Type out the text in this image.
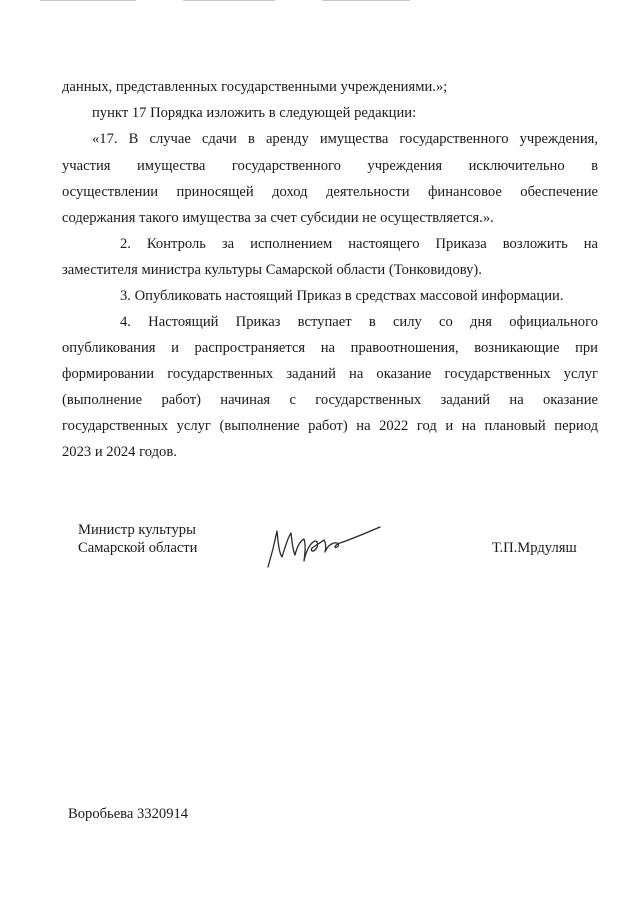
данных, представленных государственными учреждениями.»;
пункт 17 Порядка изложить в следующей редакции:
«17. В случае сдачи в аренду имущества государственного учреждения,
участия имущества государственного учреждения исключительно в
осуществлении приносящей доход деятельности финансовое обеспечение
содержания такого имущества за счет субсидии не осуществляется.».
2. Контроль за исполнением настоящего Приказа возложить на
заместителя министра культуры Самарской области (Тонковидову).
3. Опубликовать настоящий Приказ в средствах массовой информации.
4. Настоящий Приказ вступает в силу со дня официального
опубликования и распространяется на правоотношения, возникающие при
формировании государственных заданий на оказание государственных услуг
(выполнение работ) начиная с государственных заданий на оказание
государственных услуг (выполнение работ) на 2022 год и на плановый период
2023 и 2024 годов.
Министр культуры
Самарской области	Т.П.Мрдуляш
Воробьева 3320914
